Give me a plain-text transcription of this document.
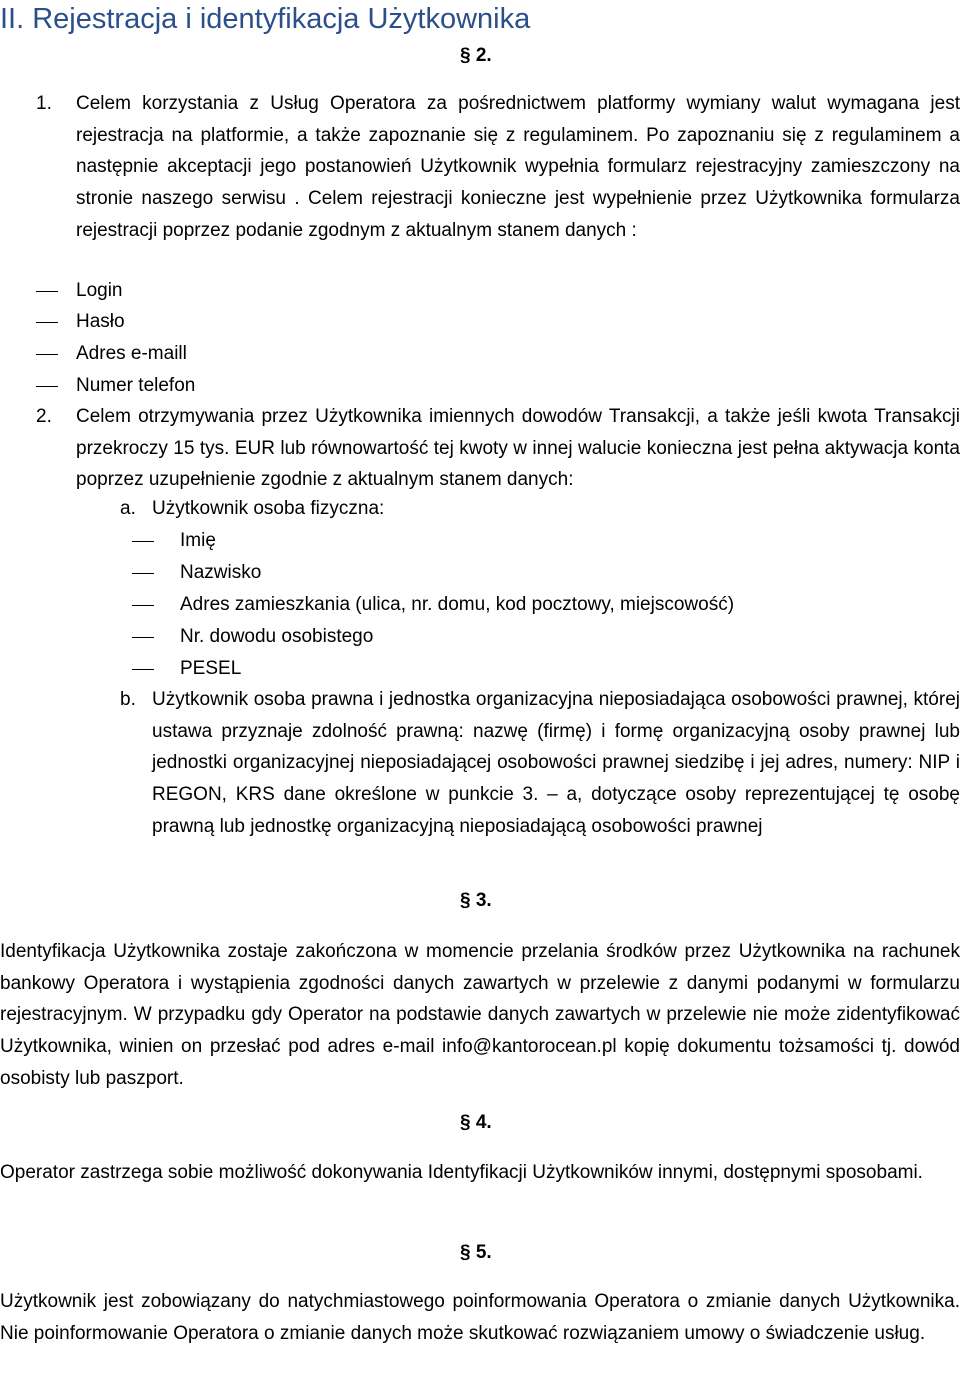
II. Rejestracja i identyfikacja Użytkownika
§ 2.
1. Celem korzystania z Usług Operatora za pośrednictwem platformy wymiany walut wymagana jest rejestracja na platformie, a także zapoznanie się z regulaminem. Po zapoznaniu się z regulaminem a następnie akceptacji jego postanowień Użytkownik wypełnia formularz rejestracyjny zamieszczony na stronie naszego serwisu . Celem rejestracji konieczne jest wypełnienie przez Użytkownika formularza rejestracji poprzez podanie zgodnym z aktualnym stanem danych :

Login
Hasło
Adres e-maill
Numer telefon
2. Celem otrzymywania przez Użytkownika imiennych dowodów Transakcji, a także jeśli kwota Transakcji przekroczy 15 tys. EUR lub równowartość tej kwoty w innej walucie konieczna jest pełna aktywacja konta poprzez uzupełnienie zgodnie z aktualnym stanem danych:

a. Użytkownik osoba fizyczna:
Imię
Nazwisko
Adres zamieszkania (ulica, nr. domu, kod pocztowy, miejscowość)
Nr. dowodu osobistego
PESEL
b. Użytkownik osoba prawna i jednostka organizacyjna nieposiadająca osobowości prawnej, której ustawa przyznaje zdolność prawną: nazwę (firmę) i formę organizacyjną osoby prawnej lub jednostki organizacyjnej nieposiadającej osobowości prawnej siedzibę i jej adres, numery: NIP i REGON, KRS dane określone w punkcie 3. – a, dotyczące osoby reprezentującej tę osobę prawną lub jednostkę organizacyjną nieposiadającą osobowości prawnej

§ 3.

Identyfikacja Użytkownika zostaje zakończona w momencie przelania środków przez Użytkownika na rachunek bankowy Operatora i wystąpienia zgodności danych zawartych w przelewie z danymi podanymi w formularzu rejestracyjnym. W przypadku gdy Operator na podstawie danych zawartych w przelewie nie może zidentyfikować Użytkownika, winien on przesłać pod adres e-mail info@kantorocean.pl kopię dokumentu tożsamości tj. dowód osobisty lub paszport.

§ 4.

Operator zastrzega sobie możliwość dokonywania Identyfikacji Użytkowników innymi, dostępnymi sposobami.

§ 5.

Użytkownik jest zobowiązany do natychmiastowego poinformowania Operatora o zmianie danych Użytkownika. Nie poinformowanie Operatora o zmianie danych może skutkować rozwiązaniem umowy o świadczenie usług.
